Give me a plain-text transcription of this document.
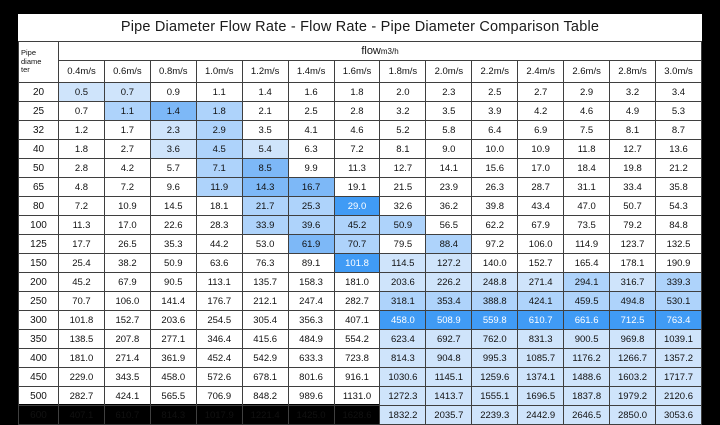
Pipe Diameter Flow Rate - Flow Rate - Pipe Diameter Comparison Table
Pipe
diame
ter	flowm3/h													
	0.4m/s	0.6m/s	0.8m/s	1.0m/s	1.2m/s	1.4m/s	1.6m/s	1.8m/s	2.0m/s	2.2m/s	2.4m/s	2.6m/s	2.8m/s	3.0m/s
20	0.5	0.7	0.9	1.1	1.4	1.6	1.8	2.0	2.3	2.5	2.7	2.9	3.2	3.4
25	0.7	1.1	1.4	1.8	2.1	2.5	2.8	3.2	3.5	3.9	4.2	4.6	4.9	5.3
32	1.2	1.7	2.3	2.9	3.5	4.1	4.6	5.2	5.8	6.4	6.9	7.5	8.1	8.7
40	1.8	2.7	3.6	4.5	5.4	6.3	7.2	8.1	9.0	10.0	10.9	11.8	12.7	13.6
50	2.8	4.2	5.7	7.1	8.5	9.9	11.3	12.7	14.1	15.6	17.0	18.4	19.8	21.2
65	4.8	7.2	9.6	11.9	14.3	16.7	19.1	21.5	23.9	26.3	28.7	31.1	33.4	35.8
80	7.2	10.9	14.5	18.1	21.7	25.3	29.0	32.6	36.2	39.8	43.4	47.0	50.7	54.3
100	11.3	17.0	22.6	28.3	33.9	39.6	45.2	50.9	56.5	62.2	67.9	73.5	79.2	84.8
125	17.7	26.5	35.3	44.2	53.0	61.9	70.7	79.5	88.4	97.2	106.0	114.9	123.7	132.5
150	25.4	38.2	50.9	63.6	76.3	89.1	101.8	114.5	127.2	140.0	152.7	165.4	178.1	190.9
200	45.2	67.9	90.5	113.1	135.7	158.3	181.0	203.6	226.2	248.8	271.4	294.1	316.7	339.3
250	70.7	106.0	141.4	176.7	212.1	247.4	282.7	318.1	353.4	388.8	424.1	459.5	494.8	530.1
300	101.8	152.7	203.6	254.5	305.4	356.3	407.1	458.0	508.9	559.8	610.7	661.6	712.5	763.4
350	138.5	207.8	277.1	346.4	415.6	484.9	554.2	623.4	692.7	762.0	831.3	900.5	969.8	1039.1
400	181.0	271.4	361.9	452.4	542.9	633.3	723.8	814.3	904.8	995.3	1085.7	1176.2	1266.7	1357.2
450	229.0	343.5	458.0	572.6	678.1	801.6	916.1	1030.6	1145.1	1259.6	1374.1	1488.6	1603.2	1717.7
500	282.7	424.1	565.5	706.9	848.2	989.6	1131.0	1272.3	1413.7	1555.1	1696.5	1837.8	1979.2	2120.6
600	407.1	610.7	814.3	1017.9	1221.4	1425.0	1628.6	1832.2	2035.7	2239.3	2442.9	2646.5	2850.0	3053.6
